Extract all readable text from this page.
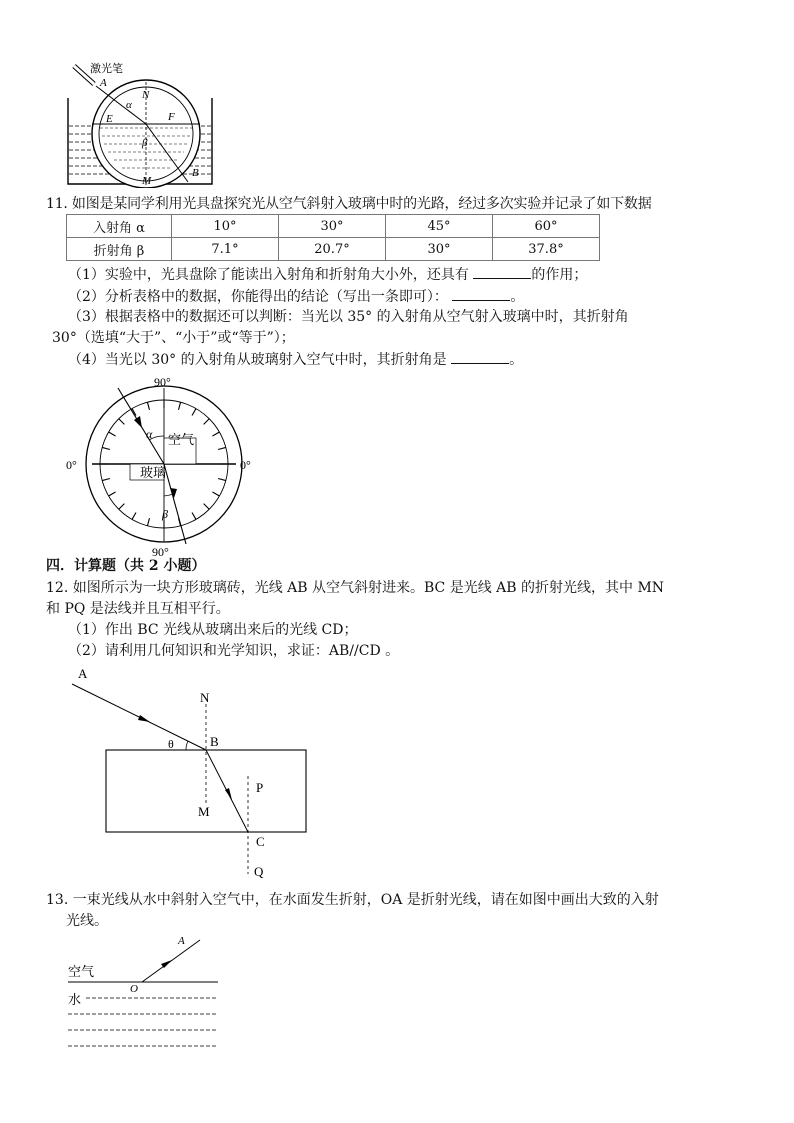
激光笔
A
N
α
E	F
β
B
M
11. 如图是某同学利用光具盘探究光从空气斜射入玻璃中时的光路，经过多次实验并记录了如下数据
入射角 α	10°	30°	45°	60°
折射角 β	7.1°	20.7°	30°	37.8°
（1）实验中，光具盘除了能读出入射角和折射角大小外，还具有	的作用；
（2）分析表格中的数据，你能得出的结论（写出一条即可）：	。
（3）根据表格中的数据还可以判断：当光以 35° 的入射角从空气射入玻璃中时，其折射角
30°（选填“大于”、“小于”或“等于”）；
（4）当光以 30° 的入射角从玻璃射入空气中时，其折射角是	。
90°
90°
0°	0°
空气
玻璃
α
β
四．计算题（共 2 小题）
12. 如图所示为一块方形玻璃砖，光线 AB 从空气斜射进来。BC 是光线 AB 的折射光线，其中 MN
和 PQ 是法线并且互相平行。
（1）作出 BC 光线从玻璃出来后的光线 CD；
（2）请利用几何知识和光学知识，求证：AB//CD 。
A
N
θ	B
P
M
C
Q
13. 一束光线从水中斜射入空气中，在水面发生折射，OA 是折射光线，请在如图中画出大致的入射
光线。
A
空气
O
水
